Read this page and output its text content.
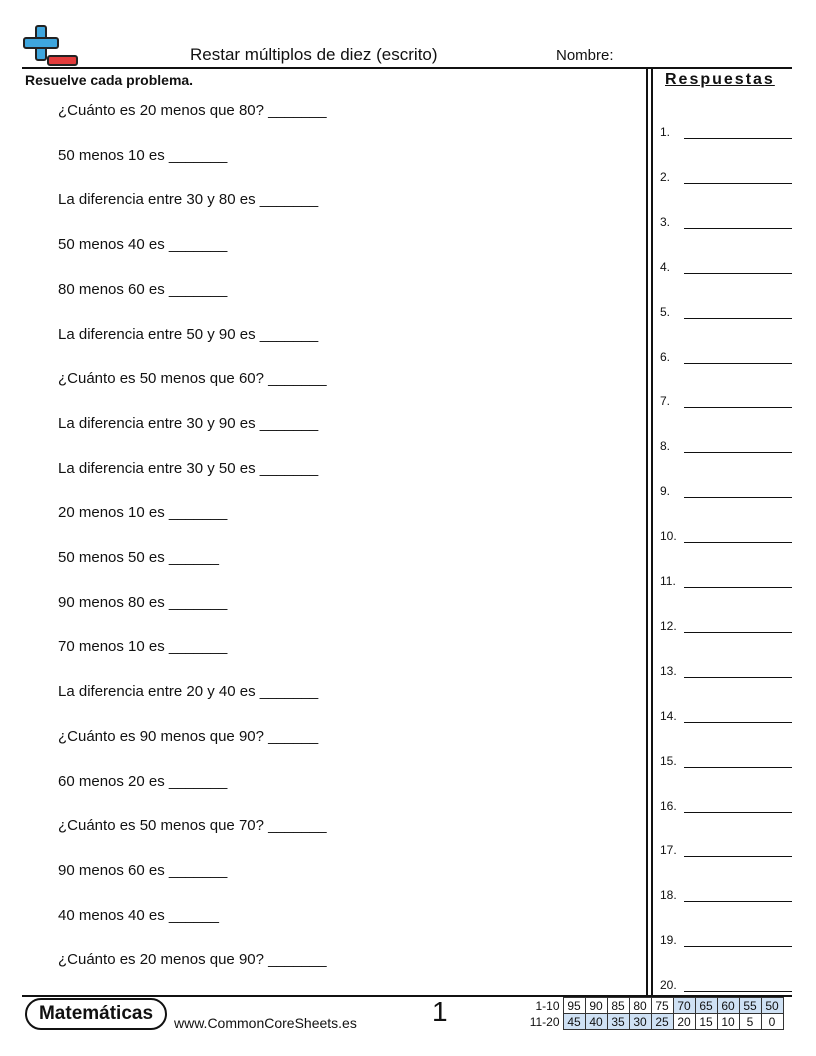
Restar múltiplos de diez (escrito)	Nombre:
Resuelve cada problema.
¿Cuánto es 20 menos que 80? _______
50 menos 10 es _______
La diferencia entre 30 y 80 es _______
50 menos 40 es _______
80 menos 60 es _______
La diferencia entre 50 y 90 es _______
¿Cuánto es 50 menos que 60? _______
La diferencia entre 30 y 90 es _______
La diferencia entre 30 y 50 es _______
20 menos 10 es _______
50 menos 50 es ______
90 menos 80 es _______
70 menos 10 es _______
La diferencia entre 20 y 40 es _______
¿Cuánto es 90 menos que 90? ______
60 menos 20 es _______
¿Cuánto es 50 menos que 70? _______
90 menos 60 es _______
40 menos 40 es ______
¿Cuánto es 20 menos que 90? _______
Respuestas
1.
2.
3.
4.
5.
6.
7.
8.
9.
10.
11.
12.
13.
14.
15.
16.
17.
18.
19.
20.
Matemáticas	www.CommonCoreSheets.es	1	1-10	95	90	85	80	75	70	65	60	55	50
11-20	45	40	35	30	25	20	15	10	5	0
